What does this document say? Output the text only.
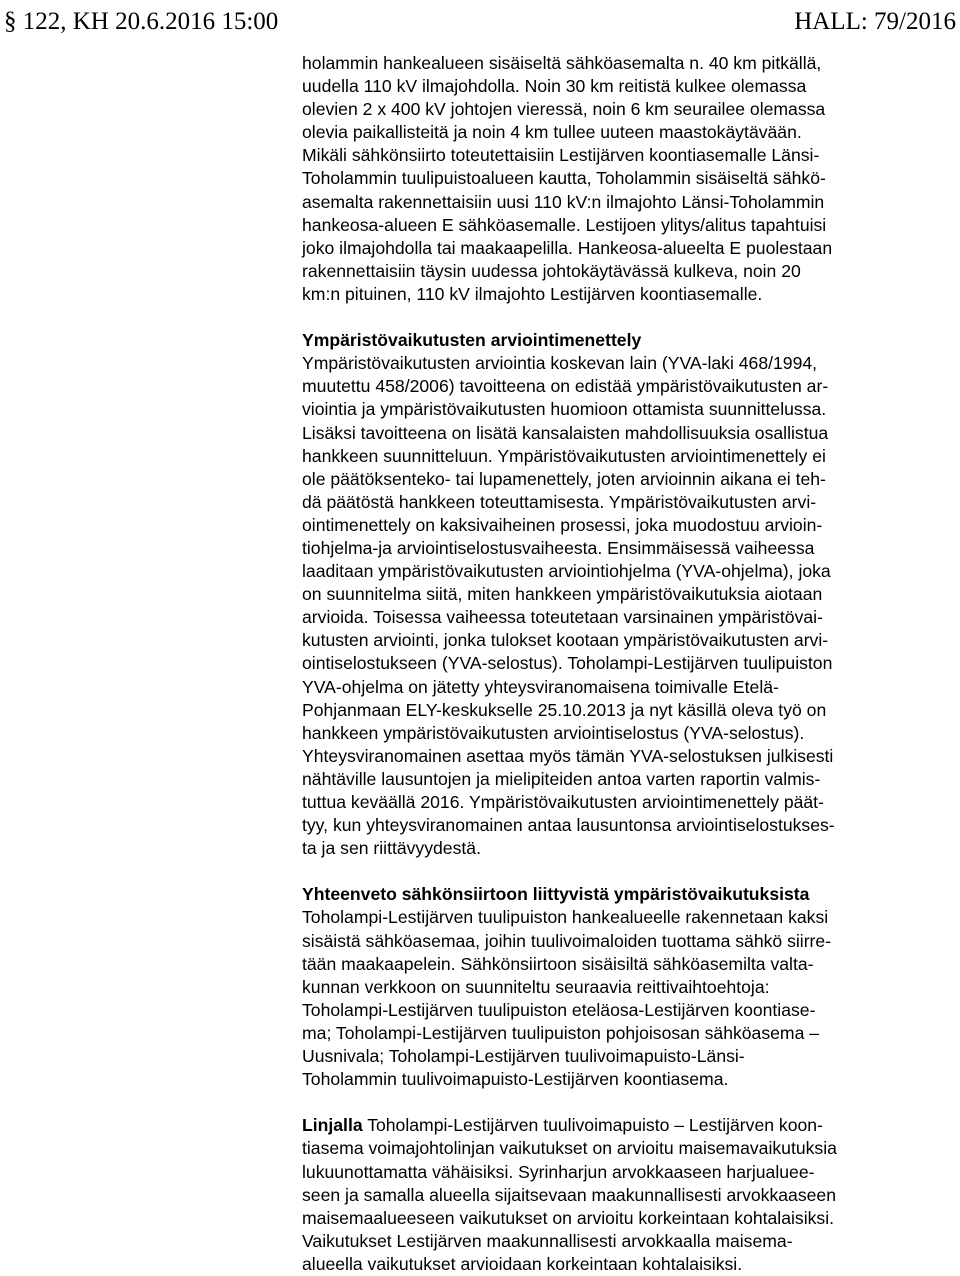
§ 122, KH 20.6.2016 15:00	HALL: 79/2016

holammin hankealueen sisäiseltä sähköasemalta n. 40 km pitkällä,
uudella 110 kV ilmajohdolla. Noin 30 km reitistä kulkee olemassa
olevien 2 x 400 kV johtojen vieressä, noin 6 km seurailee olemassa
olevia paikallisteitä ja noin 4 km tullee uuteen maastokäytävään.
Mikäli sähkönsiirto toteutettaisiin Lestijärven koontiasemalle Länsi-
Toholammin tuulipuistoalueen kautta, Toholammin sisäiseltä sähkö-
asemalta rakennettaisiin uusi 110 kV:n ilmajohto Länsi-Toholammin
hankeosa-alueen E sähköasemalle. Lestijoen ylitys/alitus tapahtuisi
joko ilmajohdolla tai maakaapelilla. Hankeosa-alueelta E puolestaan
rakennettaisiin täysin uudessa johtokäytävässä kulkeva, noin 20
km:n pituinen, 110 kV ilmajohto Lestijärven koontiasemalle.

Ympäristövaikutusten arviointimenettely

Ympäristövaikutusten arviointia koskevan lain (YVA-laki 468/1994,
muutettu 458/2006) tavoitteena on edistää ympäristövaikutusten ar-
viointia ja ympäristövaikutusten huomioon ottamista suunnittelussa.
Lisäksi tavoitteena on lisätä kansalaisten mahdollisuuksia osallistua
hankkeen suunnitteluun. Ympäristövaikutusten arviointimenettely ei
ole päätöksenteko- tai lupamenettely, joten arvioinnin aikana ei teh-
dä päätöstä hankkeen toteuttamisesta. Ympäristövaikutusten arvi-
ointimenettely on kaksivaiheinen prosessi, joka muodostuu arvioin-
tiohjelma-ja arviointiselostusvaiheesta. Ensimmäisessä vaiheessa
laaditaan ympäristövaikutusten arviointiohjelma (YVA-ohjelma), joka
on suunnitelma siitä, miten hankkeen ympäristövaikutuksia aiotaan
arvioida. Toisessa vaiheessa toteutetaan varsinainen ympäristövai-
kutusten arviointi, jonka tulokset kootaan ympäristövaikutusten arvi-
ointiselostukseen (YVA-selostus). Toholampi-Lestijärven tuulipuiston
YVA-ohjelma on jätetty yhteysviranomaisena toimivalle Etelä-
Pohjanmaan ELY-keskukselle 25.10.2013 ja nyt käsillä oleva työ on
hankkeen ympäristövaikutusten arviointiselostus (YVA-selostus).
Yhteysviranomainen asettaa myös tämän YVA-selostuksen julkisesti
nähtäville lausuntojen ja mielipiteiden antoa varten raportin valmis-
tuttua keväällä 2016. Ympäristövaikutusten arviointimenettely päät-
tyy, kun yhteysviranomainen antaa lausuntonsa arviointiselostukses-
ta ja sen riittävyydestä.

Yhteenveto sähkönsiirtoon liittyvistä ympäristövaikutuksista

Toholampi-Lestijärven tuulipuiston hankealueelle rakennetaan kaksi
sisäistä sähköasemaa, joihin tuulivoimaloiden tuottama sähkö siirre-
tään maakaapelein. Sähkönsiirtoon sisäisiltä sähköasemilta valta-
kunnan verkkoon on suunniteltu seuraavia reittivaihtoehtoja:
Toholampi-Lestijärven tuulipuiston eteläosa-Lestijärven koontiase-
ma; Toholampi-Lestijärven tuulipuiston pohjoisosan sähköasema –
Uusnivala; Toholampi-Lestijärven tuulivoimapuisto-Länsi-
Toholammin tuulivoimapuisto-Lestijärven koontiasema.

Linjalla Toholampi-Lestijärven tuulivoimapuisto – Lestijärven koon-
tiasema voimajohtolinjan vaikutukset on arvioitu maisemavaikutuksia
lukuunottamatta vähäisiksi. Syrinharjun arvokkaaseen harjualuee-
seen ja samalla alueella sijaitsevaan maakunnallisesti arvokkaaseen
maisemaalueeseen vaikutukset on arvioitu korkeintaan kohtalaisiksi.
Vaikutukset Lestijärven maakunnallisesti arvokkaalla maisema-
alueella vaikutukset arvioidaan korkeintaan kohtalaisiksi.
